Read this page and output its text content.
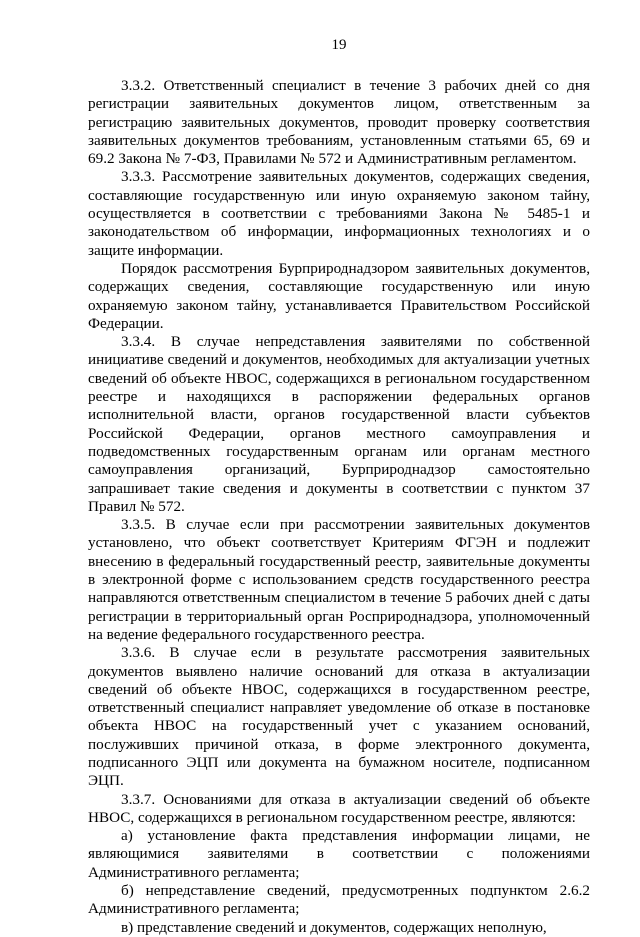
19

3.3.2. Ответственный специалист в течение 3 рабочих дней со дня регистрации заявительных документов лицом, ответственным за регистрацию заявительных документов, проводит проверку соответствия заявительных документов требованиям, установленным статьями 65, 69 и 69.2 Закона № 7-ФЗ, Правилами № 572 и Административным регламентом.

3.3.3. Рассмотрение заявительных документов, содержащих сведения, составляющие государственную или иную охраняемую законом тайну, осуществляется в соответствии с требованиями Закона № 5485-1 и законодательством об информации, информационных технологиях и о защите информации.

Порядок рассмотрения Бурприроднадзором заявительных документов, содержащих сведения, составляющие государственную или иную охраняемую законом тайну, устанавливается Правительством Российской Федерации.

3.3.4. В случае непредставления заявителями по собственной инициативе сведений и документов, необходимых для актуализации учетных сведений об объекте НВОС, содержащихся в региональном государственном реестре и находящихся в распоряжении федеральных органов исполнительной власти, органов государственной власти субъектов Российской Федерации, органов местного самоуправления и подведомственных государственным органам или органам местного самоуправления организаций, Бурприроднадзор самостоятельно запрашивает такие сведения и документы в соответствии с пунктом 37 Правил № 572.

3.3.5. В случае если при рассмотрении заявительных документов установлено, что объект соответствует Критериям ФГЭН и подлежит внесению в федеральный государственный реестр, заявительные документы в электронной форме с использованием средств государственного реестра направляются ответственным специалистом в течение 5 рабочих дней с даты регистрации в территориальный орган Росприроднадзора, уполномоченный на ведение федерального государственного реестра.

3.3.6. В случае если в результате рассмотрения заявительных документов выявлено наличие оснований для отказа в актуализации сведений об объекте НВОС, содержащихся в государственном реестре, ответственный специалист направляет уведомление об отказе в постановке объекта НВОС на государственный учет с указанием оснований, послуживших причиной отказа, в форме электронного документа, подписанного ЭЦП или документа на бумажном носителе, подписанном ЭЦП.

3.3.7. Основаниями для отказа в актуализации сведений об объекте НВОС, содержащихся в региональном государственном реестре, являются:

а) установление факта представления информации лицами, не являющимися заявителями в соответствии с положениями Административного регламента;

б) непредставление сведений, предусмотренных подпунктом 2.6.2 Административного регламента;

в) представление сведений и документов, содержащих неполную,
